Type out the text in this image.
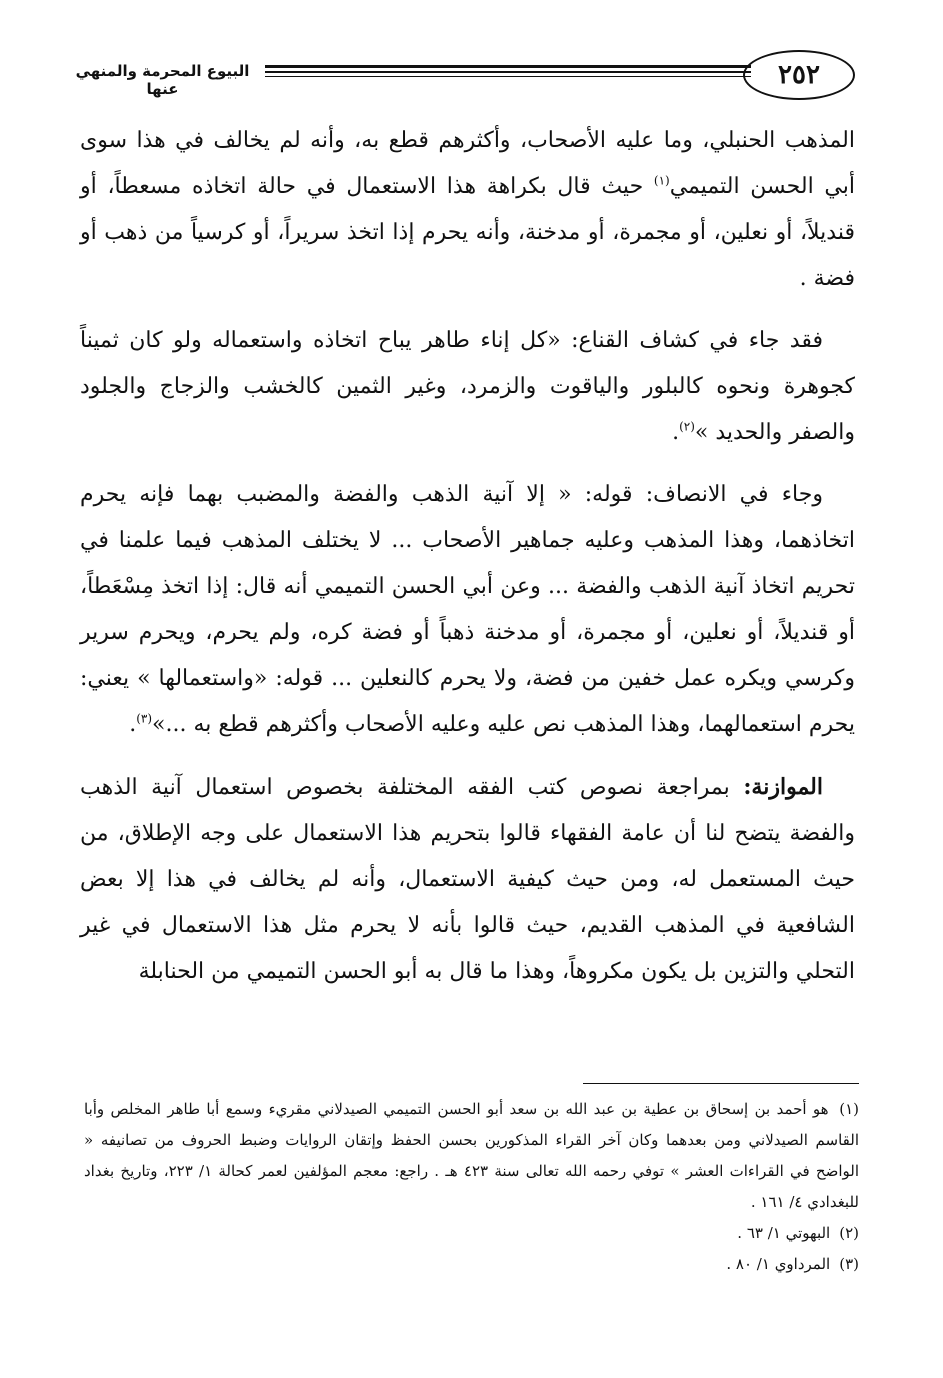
٢٥٢
البيوع المحرمة والمنهي عنها

المذهب الحنبلي، وما عليه الأصحاب، وأكثرهم قطع به، وأنه لم يخالف في هذا سوى أبي الحسن التميمي$^{(١)}$ حيث قال بكراهة هذا الاستعمال في حالة اتخاذه مسعطاً، أو قنديلاً، أو نعلين، أو مجمرة، أو مدخنة، وأنه يحرم إذا اتخذ سريراً، أو كرسياً من ذهب أو فضة .

فقد جاء في كشاف القناع: «كل إناء طاهر يباح اتخاذه واستعماله ولو كان ثميناً كجوهرة ونحوه كالبلور والياقوت والزمرد، وغير الثمين كالخشب والزجاج والجلود والصفر والحديد »$^{(٢)}$.

وجاء في الانصاف: قوله: « إلا آنية الذهب والفضة والمضبب بهما فإنه يحرم اتخاذهما، وهذا المذهب وعليه جماهير الأصحاب ... لا يختلف المذهب فيما علمنا في تحريم اتخاذ آنية الذهب والفضة ... وعن أبي الحسن التميمي أنه قال: إذا اتخذ مِسْعَطاً، أو قنديلاً، أو نعلين، أو مجمرة، أو مدخنة ذهباً أو فضة كره، ولم يحرم، ويحرم سرير وكرسي ويكره عمل خفين من فضة، ولا يحرم كالنعلين ... قوله: «واستعمالها » يعني: يحرم استعمالهما، وهذا المذهب نص عليه وعليه الأصحاب وأكثرهم قطع به ...»$^{(٣)}$.

الموازنة: بمراجعة نصوص كتب الفقه المختلفة بخصوص استعمال آنية الذهب والفضة يتضح لنا أن عامة الفقهاء قالوا بتحريم هذا الاستعمال على وجه الإطلاق، من حيث المستعمل له، ومن حيث كيفية الاستعمال، وأنه لم يخالف في هذا إلا بعض الشافعية في المذهب القديم، حيث قالوا بأنه لا يحرم مثل هذا الاستعمال في غير التحلي والتزين بل يكون مكروهاً، وهذا ما قال به أبو الحسن التميمي من الحنابلة

(١) هو أحمد بن إسحاق بن عطية بن عبد الله بن سعد أبو الحسن التميمي الصيدلاني مقريء وسمع أبا طاهر المخلص وأبا القاسم الصيدلاني ومن بعدهما وكان آخر القراء المذكورين بحسن الحفظ وإتقان الروايات وضبط الحروف من تصانيفه « الواضح في القراءات العشر » توفي رحمه الله تعالى سنة ٤٢٣ هـ . راجع: معجم المؤلفين لعمر كحالة ١/ ٢٢٣، وتاريخ بغداد للبغدادي ٤/ ١٦١ .

(٢) البهوتي ١/ ٦٣ .

(٣) المرداوي ١/ ٨٠ .
